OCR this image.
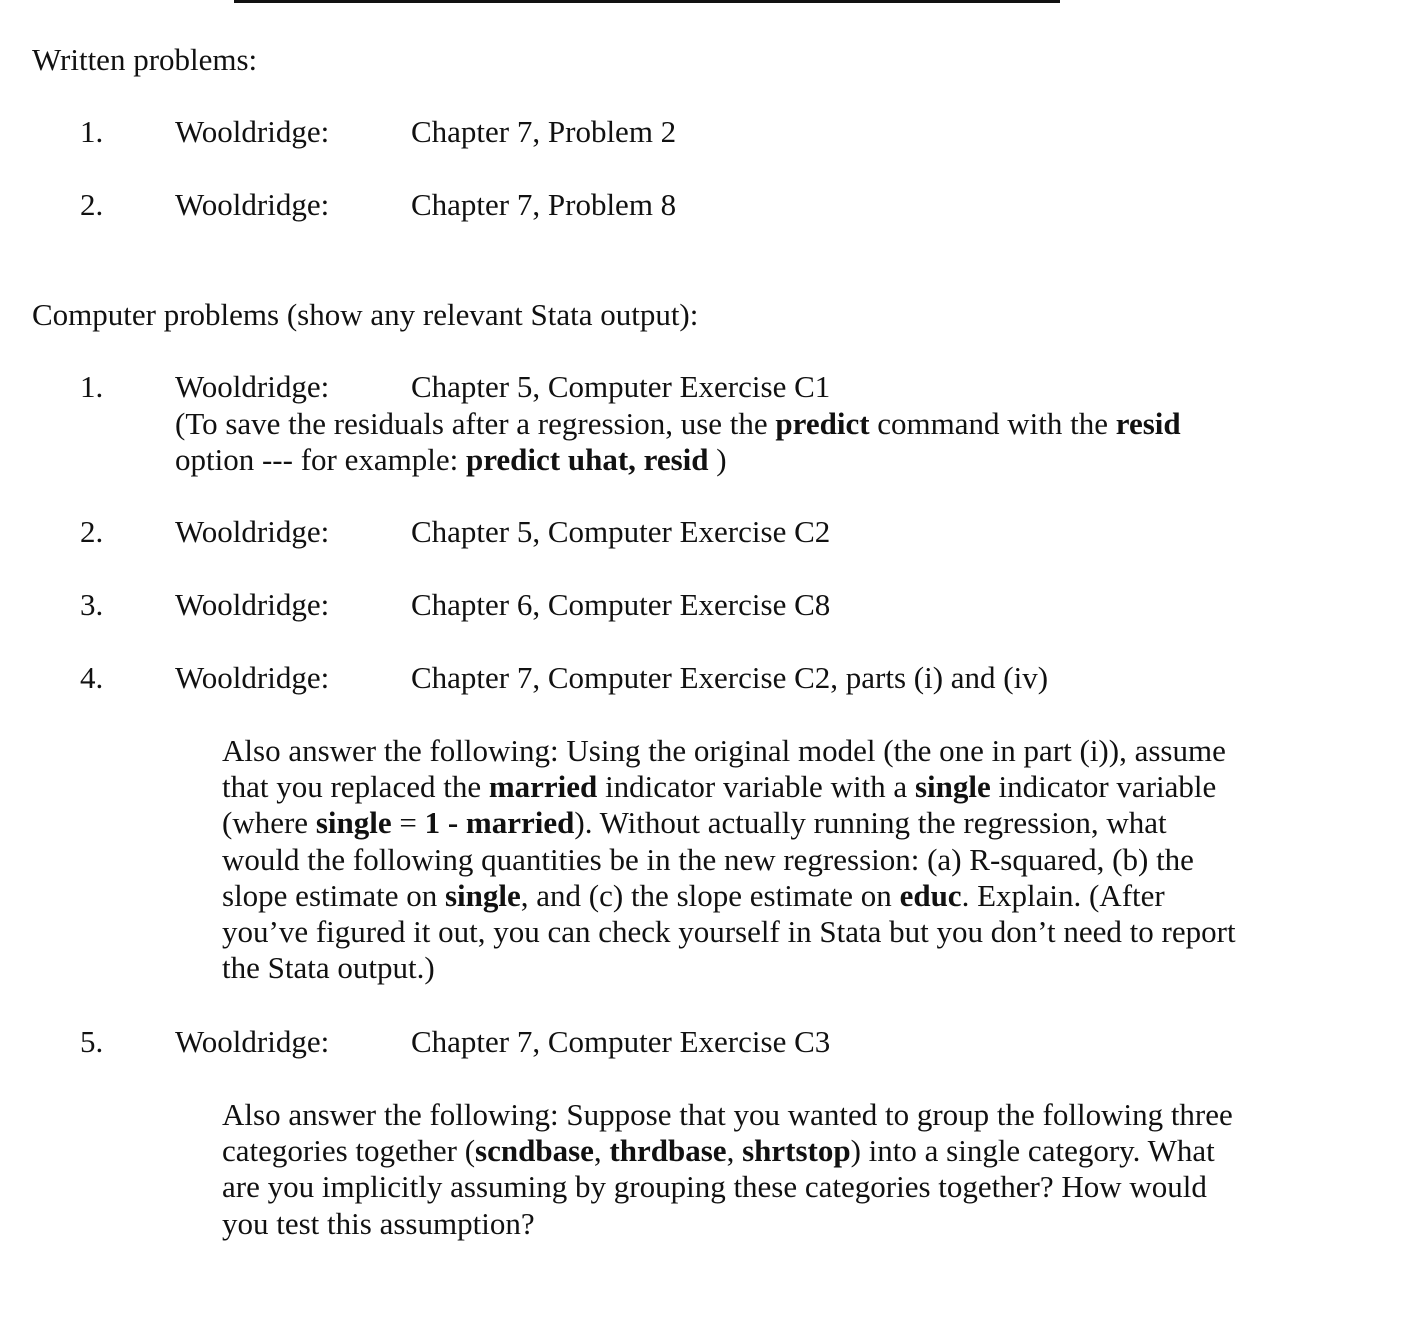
Written problems:
1. Wooldridge:	Chapter 7, Problem 2
2. Wooldridge:	Chapter 7, Problem 8
Computer problems (show any relevant Stata output):
1. Wooldridge:	Chapter 5, Computer Exercise C1
(To save the residuals after a regression, use the predict command with the resid
option --- for example: predict uhat, resid )
2. Wooldridge:	Chapter 5, Computer Exercise C2
3. Wooldridge:	Chapter 6, Computer Exercise C8
4. Wooldridge:	Chapter 7, Computer Exercise C2, parts (i) and (iv)
Also answer the following: Using the original model (the one in part (i)), assume
that you replaced the married indicator variable with a single indicator variable
(where single = 1 - married). Without actually running the regression, what
would the following quantities be in the new regression: (a) R-squared, (b) the
slope estimate on single, and (c) the slope estimate on educ. Explain. (After
you’ve figured it out, you can check yourself in Stata but you don’t need to report
the Stata output.)
5. Wooldridge:	Chapter 7, Computer Exercise C3
Also answer the following: Suppose that you wanted to group the following three
categories together (scndbase, thrdbase, shrtstop) into a single category. What
are you implicitly assuming by grouping these categories together? How would
you test this assumption?
